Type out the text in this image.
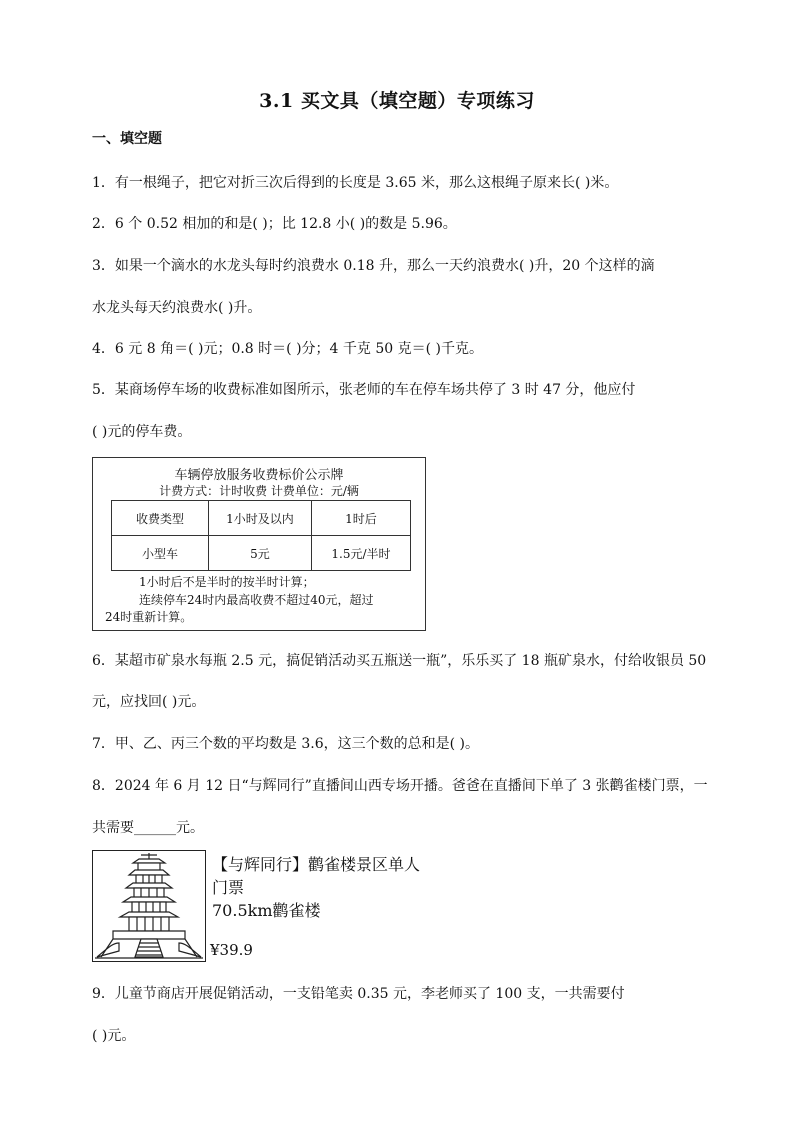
3.1 买文具（填空题）专项练习
一、填空题
1．有一根绳子，把它对折三次后得到的长度是 3.65 米，那么这根绳子原来长( )米。
2．6 个 0.52 相加的和是( )；比 12.8 小( )的数是 5.96。
3．如果一个滴水的水龙头每时约浪费水 0.18 升，那么一天约浪费水( )升，20 个这样的滴
水龙头每天约浪费水( )升。
4．6 元 8 角＝( )元；0.8 时＝( )分；4 千克 50 克＝( )千克。
5．某商场停车场的收费标准如图所示，张老师的车在停车场共停了 3 时 47 分，他应付
( )元的停车费。
车辆停放服务收费标价公示牌
计费方式：计时收费 计费单位：元/辆
收费类型	1小时及以内	1时后
小型车	5元	1.5元/半时
1小时后不是半时的按半时计算；
连续停车24时内最高收费不超过40元，超过
24时重新计算。
6．某超市矿泉水每瓶 2.5 元，搞促销活动买五瓶送一瓶”，乐乐买了 18 瓶矿泉水，付给收银员 50
元，应找回( )元。
7．甲、乙、丙三个数的平均数是 3.6，这三个数的总和是( )。
8．2024 年 6 月 12 日“与辉同行”直播间山西专场开播。爸爸在直播间下单了 3 张鹳雀楼门票，一
共需要______元。
【与辉同行】鹳雀楼景区单人
门票
70.5km鹳雀楼
¥39.9
9．儿童节商店开展促销活动，一支铅笔卖 0.35 元，李老师买了 100 支，一共需要付
( )元。
